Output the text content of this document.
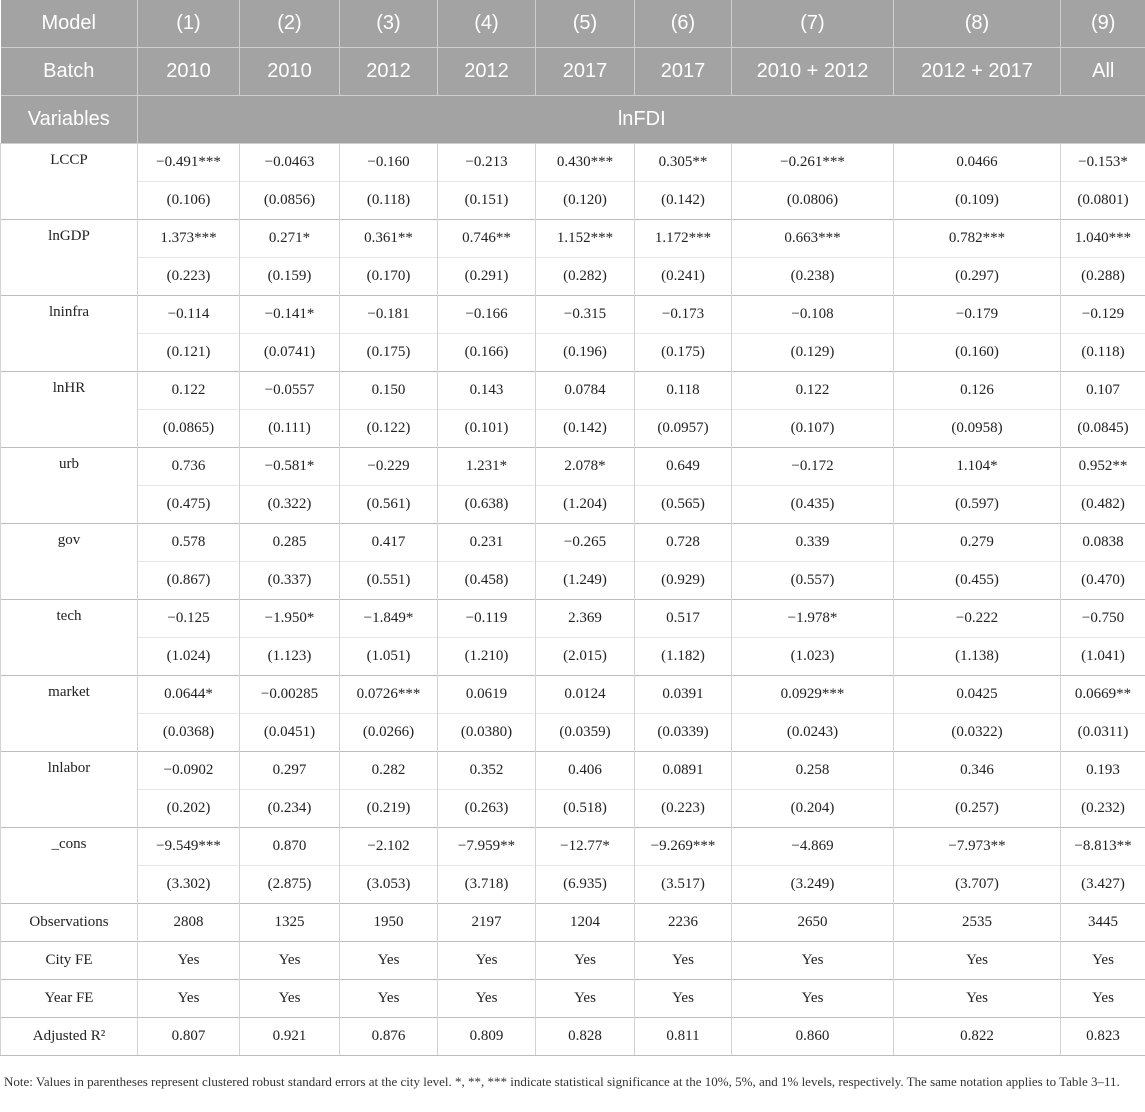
Model	(1)	(2)	(3)	(4)	(5)	(6)	(7)	(8)	(9)
Batch	2010	2010	2012	2012	2017	2017	2010 + 2012	2012 + 2017	All
Variables	lnFDI								
LCCP	−0.491***	−0.0463	−0.160	−0.213	0.430***	0.305**	−0.261***	0.0466	−0.153*
	(0.106)	(0.0856)	(0.118)	(0.151)	(0.120)	(0.142)	(0.0806)	(0.109)	(0.0801)
lnGDP	1.373***	0.271*	0.361**	0.746**	1.152***	1.172***	0.663***	0.782***	1.040***
	(0.223)	(0.159)	(0.170)	(0.291)	(0.282)	(0.241)	(0.238)	(0.297)	(0.288)
lninfra	−0.114	−0.141*	−0.181	−0.166	−0.315	−0.173	−0.108	−0.179	−0.129
	(0.121)	(0.0741)	(0.175)	(0.166)	(0.196)	(0.175)	(0.129)	(0.160)	(0.118)
lnHR	0.122	−0.0557	0.150	0.143	0.0784	0.118	0.122	0.126	0.107
	(0.0865)	(0.111)	(0.122)	(0.101)	(0.142)	(0.0957)	(0.107)	(0.0958)	(0.0845)
urb	0.736	−0.581*	−0.229	1.231*	2.078*	0.649	−0.172	1.104*	0.952**
	(0.475)	(0.322)	(0.561)	(0.638)	(1.204)	(0.565)	(0.435)	(0.597)	(0.482)
gov	0.578	0.285	0.417	0.231	−0.265	0.728	0.339	0.279	0.0838
	(0.867)	(0.337)	(0.551)	(0.458)	(1.249)	(0.929)	(0.557)	(0.455)	(0.470)
tech	−0.125	−1.950*	−1.849*	−0.119	2.369	0.517	−1.978*	−0.222	−0.750
	(1.024)	(1.123)	(1.051)	(1.210)	(2.015)	(1.182)	(1.023)	(1.138)	(1.041)
market	0.0644*	−0.00285	0.0726***	0.0619	0.0124	0.0391	0.0929***	0.0425	0.0669**
	(0.0368)	(0.0451)	(0.0266)	(0.0380)	(0.0359)	(0.0339)	(0.0243)	(0.0322)	(0.0311)
lnlabor	−0.0902	0.297	0.282	0.352	0.406	0.0891	0.258	0.346	0.193
	(0.202)	(0.234)	(0.219)	(0.263)	(0.518)	(0.223)	(0.204)	(0.257)	(0.232)
_cons	−9.549***	0.870	−2.102	−7.959**	−12.77*	−9.269***	−4.869	−7.973**	−8.813**
	(3.302)	(2.875)	(3.053)	(3.718)	(6.935)	(3.517)	(3.249)	(3.707)	(3.427)
Observations	2808	1325	1950	2197	1204	2236	2650	2535	3445
City FE	Yes	Yes	Yes	Yes	Yes	Yes	Yes	Yes	Yes
Year FE	Yes	Yes	Yes	Yes	Yes	Yes	Yes	Yes	Yes
Adjusted R²	0.807	0.921	0.876	0.809	0.828	0.811	0.860	0.822	0.823
Note: Values in parentheses represent clustered robust standard errors at the city level. *, **, *** indicate statistical significance at the 10%, 5%, and 1% levels, respectively. The same notation applies to Table 3–11.
